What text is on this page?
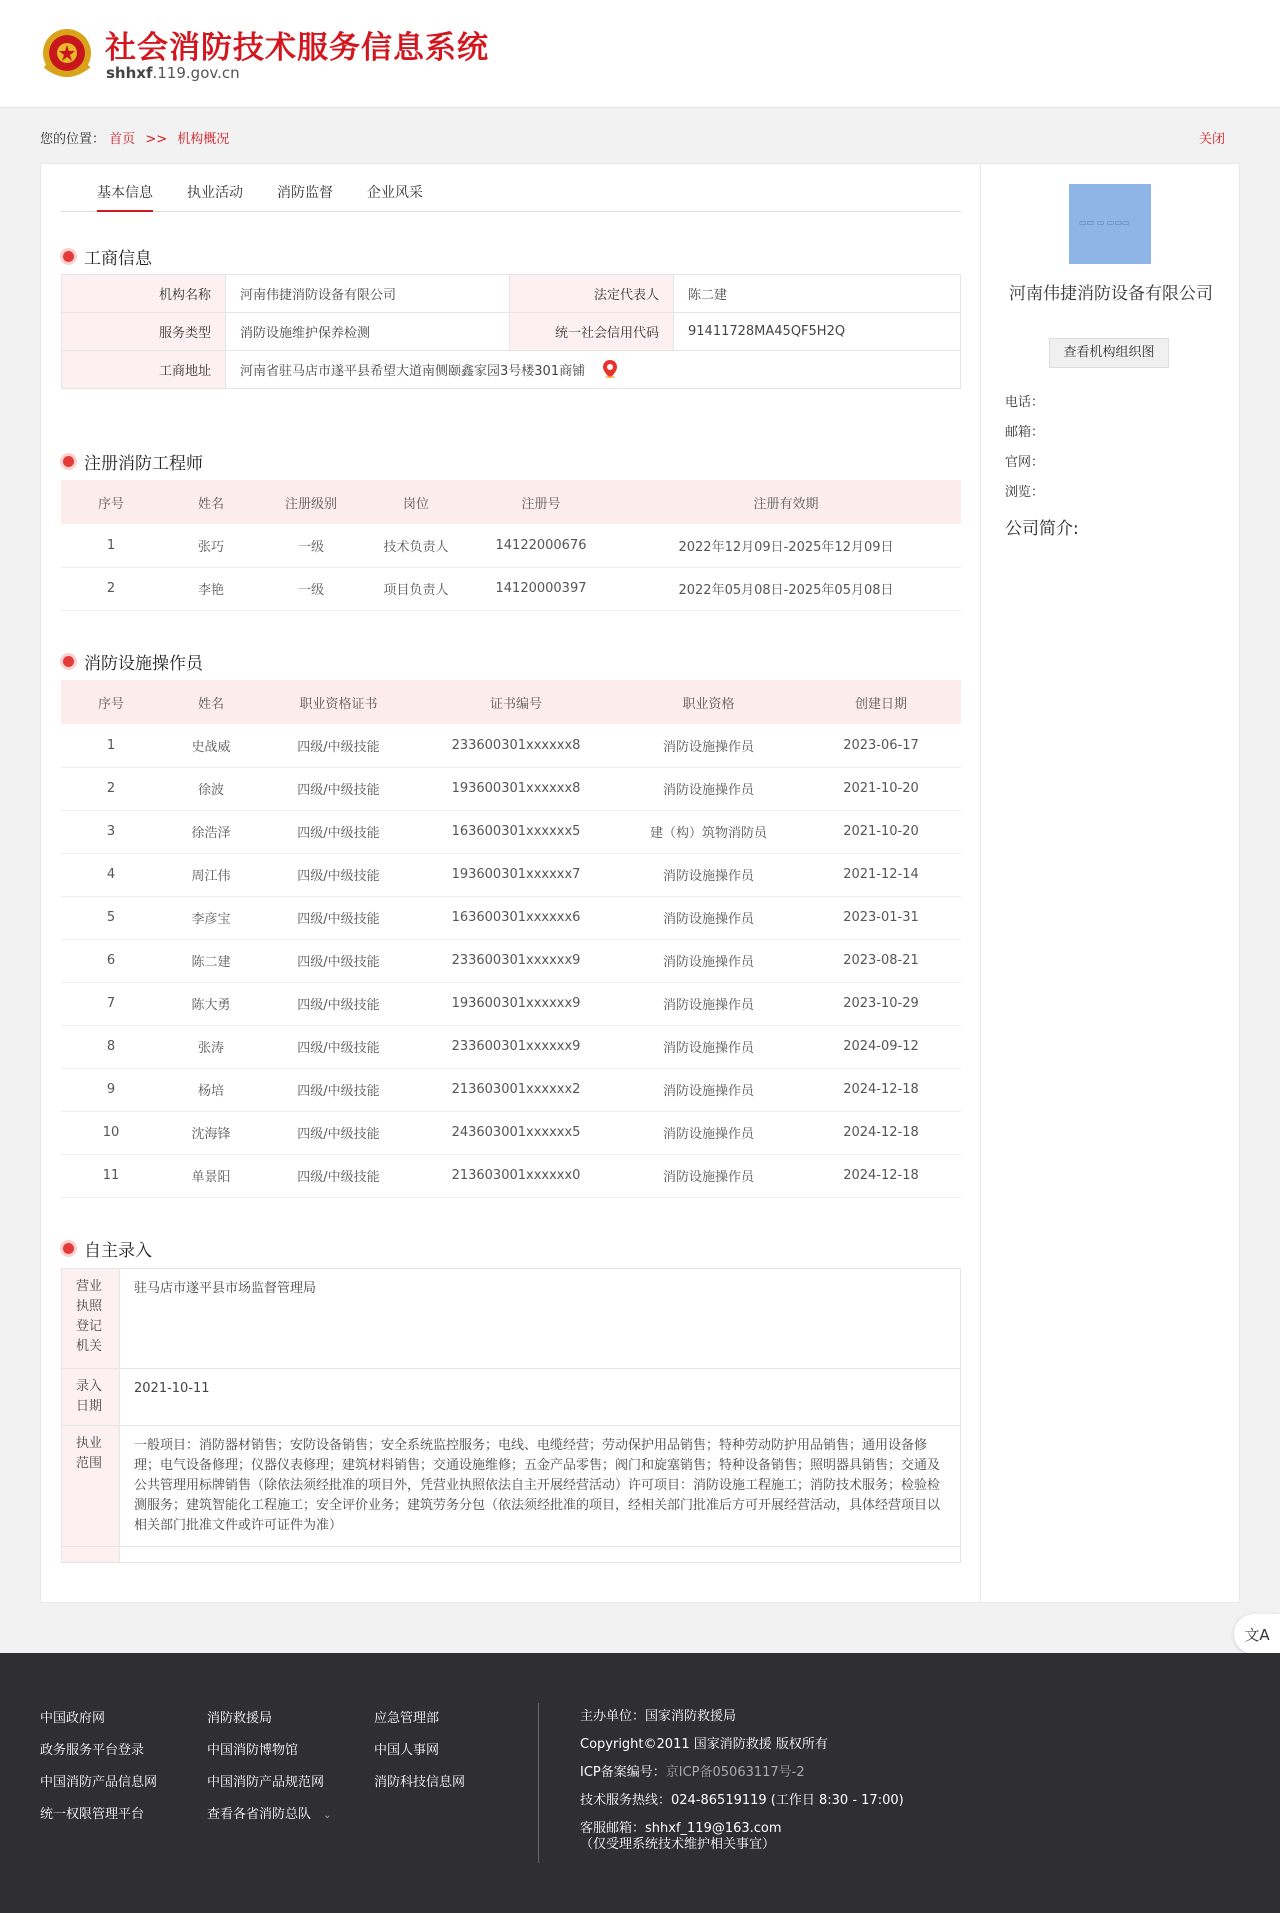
社会消防技术服务信息系统
shhxf.119.gov.cn
您的位置： 首页 >> 机构概况	关闭
基本信息 执业活动 消防监督 企业风采
工商信息
机构名称	河南伟捷消防设备有限公司	法定代表人	陈二建
服务类型	消防设施维护保养检测	统一社会信用代码	91411728MA45QF5H2Q
工商地址	河南省驻马店市遂平县希望大道南侧颐鑫家园3号楼301商铺		
注册消防工程师
序号	姓名	注册级别	岗位	注册号	注册有效期
1	张巧	一级	技术负责人	14122000676	2022年12月09日-2025年12月09日
2	李艳	一级	项目负责人	14120000397	2022年05月08日-2025年05月08日
消防设施操作员
序号	姓名	职业资格证书	证书编号	职业资格	创建日期
1	史战威	四级/中级技能	233600301xxxxxx8	消防设施操作员	2023-06-17
2	徐波	四级/中级技能	193600301xxxxxx8	消防设施操作员	2021-10-20
3	徐浩泽	四级/中级技能	163600301xxxxxx5	建（构）筑物消防员	2021-10-20
4	周江伟	四级/中级技能	193600301xxxxxx7	消防设施操作员	2021-12-14
5	李彦宝	四级/中级技能	163600301xxxxxx6	消防设施操作员	2023-01-31
6	陈二建	四级/中级技能	233600301xxxxxx9	消防设施操作员	2023-08-21
7	陈大勇	四级/中级技能	193600301xxxxxx9	消防设施操作员	2023-10-29
8	张涛	四级/中级技能	233600301xxxxxx9	消防设施操作员	2024-09-12
9	杨培	四级/中级技能	213603001xxxxxx2	消防设施操作员	2024-12-18
10	沈海锋	四级/中级技能	243603001xxxxxx5	消防设施操作员	2024-12-18
11	单景阳	四级/中级技能	213603001xxxxxx0	消防设施操作员	2024-12-18
自主录入
营业执照登记机关	驻马店市遂平县市场监督管理局
录入日期	2021-10-11
执业范围	一般项目：消防器材销售；安防设备销售；安全系统监控服务；电线、电缆经营；劳动保护用品销售；特种劳动防护用品销售；通用设备修理；电气设备修理；仪器仪表修理；建筑材料销售；交通设施维修；五金产品零售；阀门和旋塞销售；特种设备销售；照明器具销售；交通及公共管理用标牌销售（除依法须经批准的项目外，凭营业执照依法自主开展经营活动）许可项目：消防设施工程施工；消防技术服务；检验检测服务；建筑智能化工程施工；安全评价业务；建筑劳务分包（依法须经批准的项目，经相关部门批准后方可开展经营活动，具体经营项目以相关部门批准文件或许可证件为准）

▭▭ ▭ ▭▭▭
河南伟捷消防设备有限公司
查看机构组织图
电话：
邮箱：
官网：
浏览：
公司简介:
文A
中国政府网	消防救援局	应急管理部
政务服务平台登录	中国消防博物馆	中国人事网
中国消防产品信息网	中国消防产品规范网	消防科技信息网
统一权限管理平台	查看各省消防总队 ⌄
主办单位：国家消防救援局
Copyright©2011 国家消防救援 版权所有
ICP备案编号：京ICP备05063117号-2
技术服务热线：024-86519119 (工作日 8:30 - 17:00)
客服邮箱：shhxf_119@163.com
（仅受理系统技术维护相关事宜）
